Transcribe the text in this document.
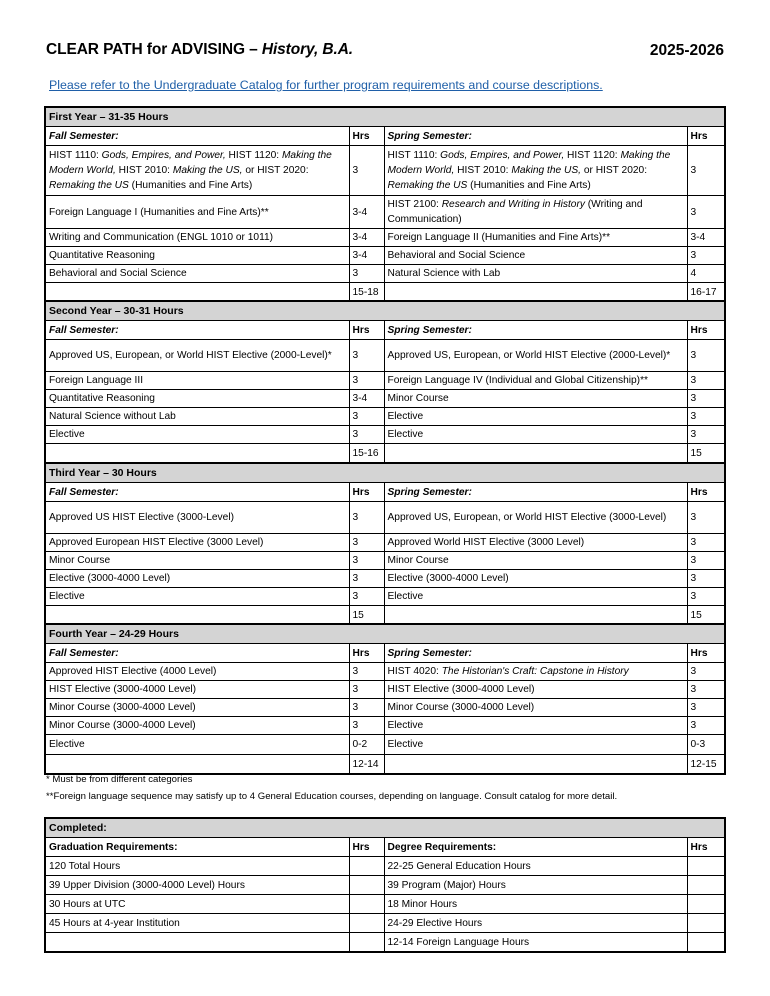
CLEAR PATH for ADVISING – History, B.A.	2025-2026
Please refer to the Undergraduate Catalog for further program requirements and course descriptions.
First Year – 31-35 Hours			
Fall Semester:	Hrs	Spring Semester:	Hrs
HIST 1110: Gods, Empires, and Power, HIST 1120: Making the Modern World, HIST 2010: Making the US, or HIST 2020: Remaking the US (Humanities and Fine Arts)	3	HIST 1110: Gods, Empires, and Power, HIST 1120: Making the Modern World, HIST 2010: Making the US, or HIST 2020: Remaking the US (Humanities and Fine Arts)	3
Foreign Language I (Humanities and Fine Arts)**	3-4	HIST 2100: Research and Writing in History (Writing and Communication)	3
Writing and Communication (ENGL 1010 or 1011)	3-4	Foreign Language II (Humanities and Fine Arts)**	3-4
Quantitative Reasoning	3-4	Behavioral and Social Science	3
Behavioral and Social Science	3	Natural Science with Lab	4
	15-18		16-17
Second Year – 30-31 Hours			
Fall Semester:	Hrs	Spring Semester:	Hrs
Approved US, European, or World HIST Elective (2000-Level)*	3	Approved US, European, or World HIST Elective (2000-Level)*	3
Foreign Language III	3	Foreign Language IV (Individual and Global Citizenship)**	3
Quantitative Reasoning	3-4	Minor Course	3
Natural Science without Lab	3	Elective	3
Elective	3	Elective	3
	15-16		15
Third Year – 30 Hours			
Fall Semester:	Hrs	Spring Semester:	Hrs
Approved US HIST Elective (3000-Level)	3	Approved US, European, or World HIST Elective (3000-Level)	3
Approved European HIST Elective (3000 Level)	3	Approved World HIST Elective (3000 Level)	3
Minor Course	3	Minor Course	3
Elective (3000-4000 Level)	3	Elective (3000-4000 Level)	3
Elective	3	Elective	3
	15		15
Fourth Year – 24-29 Hours			
Fall Semester:	Hrs	Spring Semester:	Hrs
Approved HIST Elective (4000 Level)	3	HIST 4020: The Historian's Craft: Capstone in History	3
HIST Elective (3000-4000 Level)	3	HIST Elective (3000-4000 Level)	3
Minor Course (3000-4000 Level)	3	Minor Course (3000-4000 Level)	3
Minor Course (3000-4000 Level)	3	Elective	3
Elective	0-2	Elective	0-3
	12-14		12-15
* Must be from different categories
**Foreign language sequence may satisfy up to 4 General Education courses, depending on language. Consult catalog for more detail.
Completed:			
Graduation Requirements:	Hrs	Degree Requirements:	Hrs
120 Total Hours		22-25 General Education Hours	
39 Upper Division (3000-4000 Level) Hours		39 Program (Major) Hours	
30 Hours at UTC		18 Minor Hours	
45 Hours at 4-year Institution		24-29 Elective Hours	
		12-14 Foreign Language Hours	
